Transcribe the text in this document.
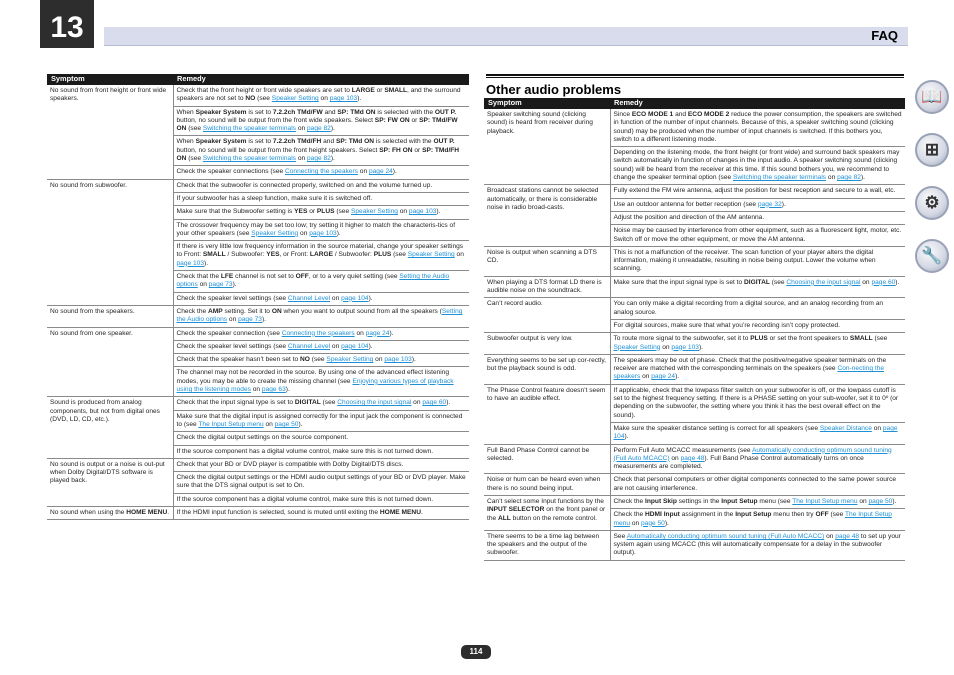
13	FAQ
Symptom	Remedy
No sound from front height or front wide speakers.	Check that the front height or front wide speakers are set to LARGE or SMALL, and the surround speakers are not set to NO (see Speaker Setting on page 103).
	When Speaker System is set to 7.2.2ch TMd/FW and SP: TMd ON is selected with the OUT P. button, no sound will be output from the front wide speakers. Select SP: FW ON or SP: TMd/FW ON (see Switching the speaker terminals on page 82).
	When Speaker System is set to 7.2.2ch TMd/FH and SP: TMd ON is selected with the OUT P. button, no sound will be output from the front height speakers. Select SP: FH ON or SP: TMd/FH ON (see Switching the speaker terminals on page 82).
	Check the speaker connections (see Connecting the speakers on page 24).
No sound from subwoofer.	Check that the subwoofer is connected properly, switched on and the volume turned up.
	If your subwoofer has a sleep function, make sure it is switched off.
	Make sure that the Subwoofer setting is YES or PLUS (see Speaker Setting on page 103).
	The crossover frequency may be set too low; try setting it higher to match the characteris-tics of your other speakers (see Speaker Setting on page 103).
	If there is very little low frequency information in the source material, change your speaker settings to Front: SMALL / Subwoofer: YES, or Front: LARGE / Subwoofer: PLUS (see Speaker Setting on page 103).
	Check that the LFE channel is not set to OFF, or to a very quiet setting (see Setting the Audio options on page 73).
	Check the speaker level settings (see Channel Level on page 104).
No sound from the speakers.	Check the AMP setting. Set it to ON when you want to output sound from all the speakers (Setting the Audio options on page 73).
No sound from one speaker.	Check the speaker connection (see Connecting the speakers on page 24).
	Check the speaker level settings (see Channel Level on page 104).
	Check that the speaker hasn’t been set to NO (see Speaker Setting on page 103).
	The channel may not be recorded in the source. By using one of the advanced effect listening modes, you may be able to create the missing channel (see Enjoying various types of playback using the listening modes on page 63).
Sound is produced from analog components, but not from digital ones (DVD, LD, CD, etc.).	Check that the input signal type is set to DIGITAL (see Choosing the input signal on page 60).
	Make sure that the digital input is assigned correctly for the input jack the component is connected to (see The Input Setup menu on page 50).
	Check the digital output settings on the source component.
	If the source component has a digital volume control, make sure this is not turned down.
No sound is output or a noise is out-put when Dolby Digital/DTS software is played back.	Check that your BD or DVD player is compatible with Dolby Digital/DTS discs.
	Check the digital output settings or the HDMI audio output settings of your BD or DVD player. Make sure that the DTS signal output is set to On.
	If the source component has a digital volume control, make sure this is not turned down.
No sound when using the HOME MENU.	If the HDMI input function is selected, sound is muted until exiting the HOME MENU.
Other audio problems
Symptom	Remedy
Speaker switching sound (clicking sound) is heard from receiver during playback.	Since ECO MODE 1 and ECO MODE 2 reduce the power consumption, the speakers are switched in function of the number of input channels. Because of this, a speaker switching sound (clicking sound) may be produced when the number of input channels is switched. If this bothers you, switch to a different listening mode.
	Depending on the listening mode, the front height (or front wide) and surround back speakers may switch automatically in function of changes in the input audio. A speaker switching sound (clicking sound) will be heard from the receiver at this time. If this sound bothers you, we recommend to change the speaker terminal option (see Switching the speaker terminals on page 82).
Broadcast stations cannot be selected automatically, or there is considerable noise in radio broad-casts.	Fully extend the FM wire antenna, adjust the position for best reception and secure to a wall, etc.
	Use an outdoor antenna for better reception (see page 32).
	Adjust the position and direction of the AM antenna.
	Noise may be caused by interference from other equipment, such as a fluorescent light, motor, etc. Switch off or move the other equipment, or move the AM antenna.
Noise is output when scanning a DTS CD.	This is not a malfunction of the receiver. The scan function of your player alters the digital information, making it unreadable, resulting in noise being output. Lower the volume when scanning.
When playing a DTS format LD there is audible noise on the soundtrack.	Make sure that the input signal type is set to DIGITAL (see Choosing the input signal on page 60).
Can’t record audio.	You can only make a digital recording from a digital source, and an analog recording from an analog source.
	For digital sources, make sure that what you’re recording isn’t copy protected.
Subwoofer output is very low.	To route more signal to the subwoofer, set it to PLUS or set the front speakers to SMALL (see Speaker Setting on page 103).
Everything seems to be set up cor-rectly, but the playback sound is odd.	The speakers may be out of phase. Check that the positive/negative speaker terminals on the receiver are matched with the corresponding terminals on the speakers (see Con-necting the speakers on page 24).
The Phase Control feature doesn’t seem to have an audible effect.	If applicable, check that the lowpass filter switch on your subwoofer is off, or the lowpass cutoff is set to the highest frequency setting. If there is a PHASE setting on your sub-woofer, set it to 0º (or depending on the subwoofer, the setting where you think it has the best overall effect on the sound).
	Make sure the speaker distance setting is correct for all speakers (see Speaker Distance on page 104).
Full Band Phase Control cannot be selected.	Perform Full Auto MCACC measurements (see Automatically conducting optimum sound tuning (Full Auto MCACC) on page 48). Full Band Phase Control automatically turns on once measurements are completed.
Noise or hum can be heard even when there is no sound being input.	Check that personal computers or other digital components connected to the same power source are not causing interference.
Can’t select some Input functions by the INPUT SELECTOR on the front panel or the ALL button on the remote control.	Check the Input Skip settings in the Input Setup menu (see The Input Setup menu on page 50).
	Check the HDMI Input assignment in the Input Setup menu then try OFF (see The Input Setup menu on page 50).
There seems to be a time lag between the speakers and the output of the subwoofer.	See Automatically conducting optimum sound tuning (Full Auto MCACC) on page 48 to set up your system again using MCACC (this will automatically compensate for a delay in the subwoofer output).
📖
⊞
⚙
🔧
114
